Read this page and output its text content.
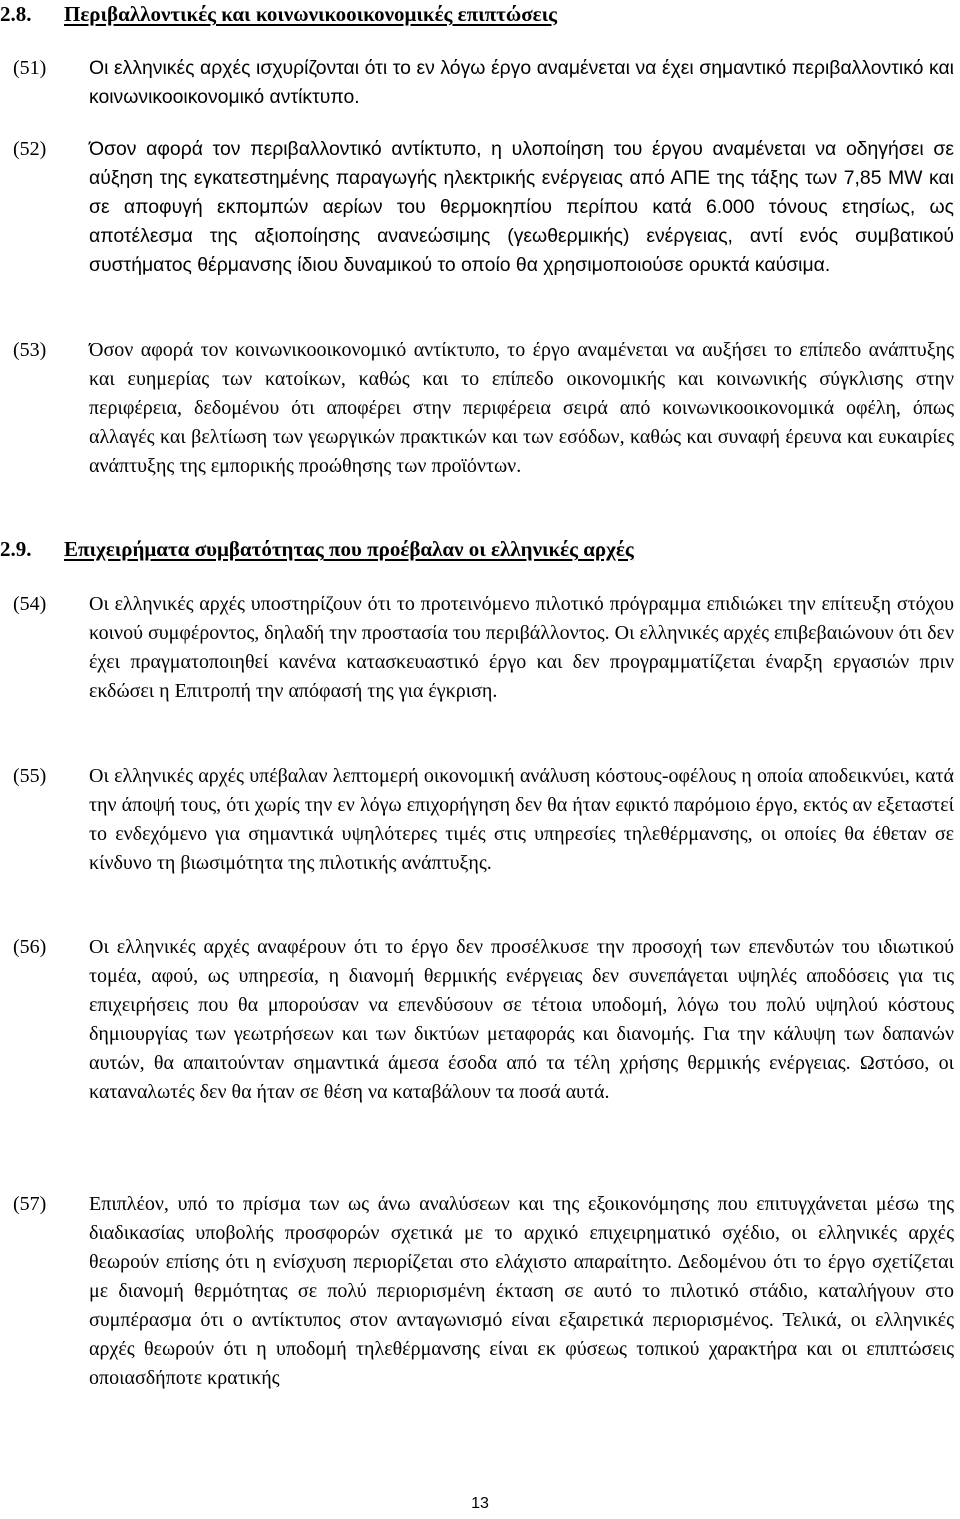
2.8. Περιβαλλοντικές και κοινωνικοοικονομικές επιπτώσεις
(51) Οι ελληνικές αρχές ισχυρίζονται ότι το εν λόγω έργο αναμένεται να έχει σημαντικό περιβαλλοντικό και κοινωνικοοικονομικό αντίκτυπο.
(52) Όσον αφορά τον περιβαλλοντικό αντίκτυπο, η υλοποίηση του έργου αναμένεται να οδηγήσει σε αύξηση της εγκατεστημένης παραγωγής ηλεκτρικής ενέργειας από ΑΠΕ της τάξης των 7,85 MW και σε αποφυγή εκπομπών αερίων του θερμοκηπίου περίπου κατά 6.000 τόνους ετησίως, ως αποτέλεσμα της αξιοποίησης ανανεώσιμης (γεωθερμικής) ενέργειας, αντί ενός συμβατικού συστήματος θέρμανσης ίδιου δυναμικού το οποίο θα χρησιμοποιούσε ορυκτά καύσιμα.
(53) Όσον αφορά τον κοινωνικοοικονομικό αντίκτυπο, το έργο αναμένεται να αυξήσει το επίπεδο ανάπτυξης και ευημερίας των κατοίκων, καθώς και το επίπεδο οικονομικής και κοινωνικής σύγκλισης στην περιφέρεια, δεδομένου ότι αποφέρει στην περιφέρεια σειρά από κοινωνικοοικονομικά οφέλη, όπως αλλαγές και βελτίωση των γεωργικών πρακτικών και των εσόδων, καθώς και συναφή έρευνα και ευκαιρίες ανάπτυξης της εμπορικής προώθησης των προϊόντων.
2.9. Επιχειρήματα συμβατότητας που προέβαλαν οι ελληνικές αρχές
(54) Οι ελληνικές αρχές υποστηρίζουν ότι το προτεινόμενο πιλοτικό πρόγραμμα επιδιώκει την επίτευξη στόχου κοινού συμφέροντος, δηλαδή την προστασία του περιβάλλοντος. Οι ελληνικές αρχές επιβεβαιώνουν ότι δεν έχει πραγματοποιηθεί κανένα κατασκευαστικό έργο και δεν προγραμματίζεται έναρξη εργασιών πριν εκδώσει η Επιτροπή την απόφασή της για έγκριση.
(55) Οι ελληνικές αρχές υπέβαλαν λεπτομερή οικονομική ανάλυση κόστους-οφέλους η οποία αποδεικνύει, κατά την άποψή τους, ότι χωρίς την εν λόγω επιχορήγηση δεν θα ήταν εφικτό παρόμοιο έργο, εκτός αν εξεταστεί το ενδεχόμενο για σημαντικά υψηλότερες τιμές στις υπηρεσίες τηλεθέρμανσης, οι οποίες θα έθεταν σε κίνδυνο τη βιωσιμότητα της πιλοτικής ανάπτυξης.
(56) Οι ελληνικές αρχές αναφέρουν ότι το έργο δεν προσέλκυσε την προσοχή των επενδυτών του ιδιωτικού τομέα, αφού, ως υπηρεσία, η διανομή θερμικής ενέργειας δεν συνεπάγεται υψηλές αποδόσεις για τις επιχειρήσεις που θα μπορούσαν να επενδύσουν σε τέτοια υποδομή, λόγω του πολύ υψηλού κόστους δημιουργίας των γεωτρήσεων και των δικτύων μεταφοράς και διανομής. Για την κάλυψη των δαπανών αυτών, θα απαιτούνταν σημαντικά άμεσα έσοδα από τα τέλη χρήσης θερμικής ενέργειας. Ωστόσο, οι καταναλωτές δεν θα ήταν σε θέση να καταβάλουν τα ποσά αυτά.
(57) Επιπλέον, υπό το πρίσμα των ως άνω αναλύσεων και της εξοικονόμησης που επιτυγχάνεται μέσω της διαδικασίας υποβολής προσφορών σχετικά με το αρχικό επιχειρηματικό σχέδιο, οι ελληνικές αρχές θεωρούν επίσης ότι η ενίσχυση περιορίζεται στο ελάχιστο απαραίτητο. Δεδομένου ότι το έργο σχετίζεται με διανομή θερμότητας σε πολύ περιορισμένη έκταση σε αυτό το πιλοτικό στάδιο, καταλήγουν στο συμπέρασμα ότι ο αντίκτυπος στον ανταγωνισμό είναι εξαιρετικά περιορισμένος. Τελικά, οι ελληνικές αρχές θεωρούν ότι η υποδομή τηλεθέρμανσης είναι εκ φύσεως τοπικού χαρακτήρα και οι επιπτώσεις οποιασδήποτε κρατικής
13
